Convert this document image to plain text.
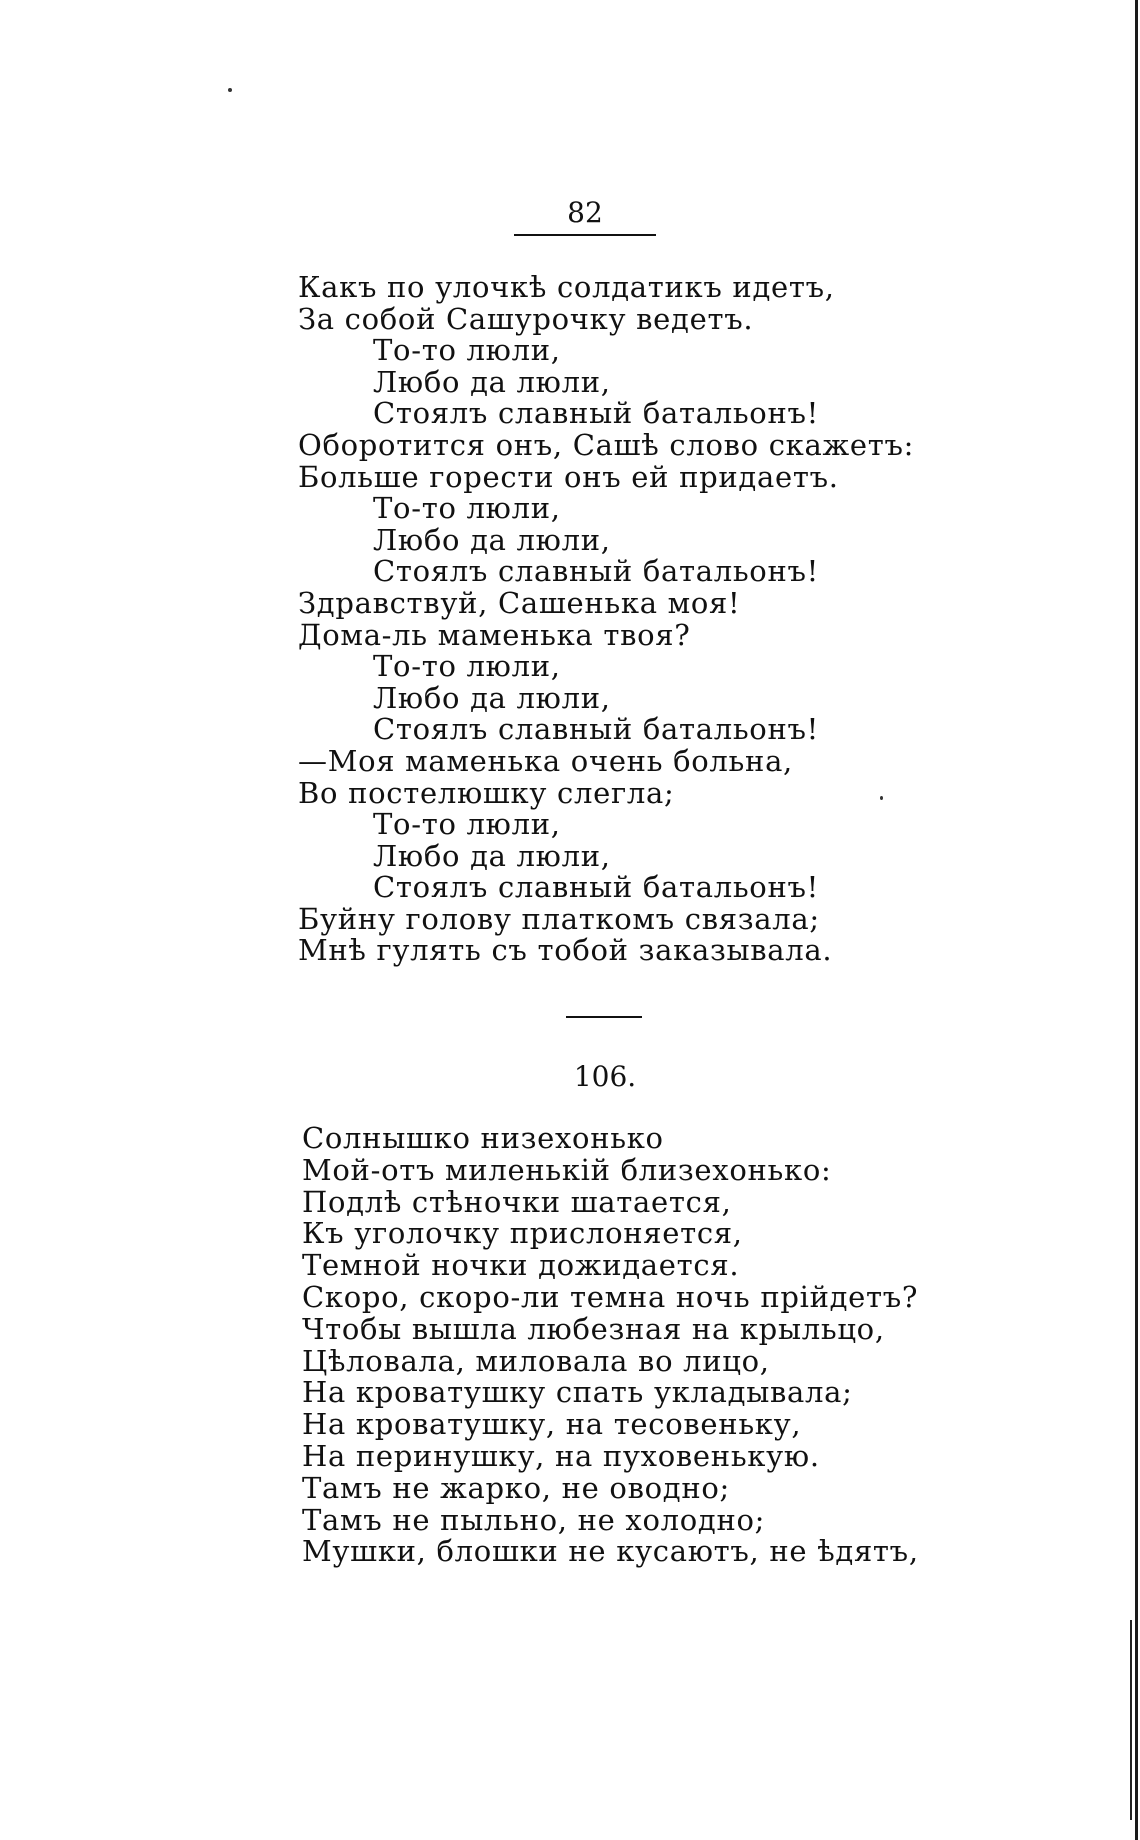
82
Какъ по улочкѣ солдатикъ идетъ,
За собой Сашурочку ведетъ.
То-то люли,
Любо да люли,
Стоялъ славный батальонъ!
Оборотится онъ, Сашѣ слово скажетъ:
Больше горести онъ ей придаетъ.
То-то люли,
Любо да люли,
Стоялъ славный батальонъ!
Здравствуй, Сашенька моя!
Дома-ль маменька твоя?
То-то люли,
Любо да люли,
Стоялъ славный батальонъ!
—Моя маменька очень больна,
Во постелюшку слегла;
То-то люли,
Любо да люли,
Стоялъ славный батальонъ!
Буйну голову платкомъ связала;
Мнѣ гулять съ тобой заказывала.
106.
Солнышко низехонько
Мой-отъ миленькій близехонько:
Подлѣ стѣночки шатается,
Къ уголочку прислоняется,
Темной ночки дожидается.
Скоро, скоро-ли темна ночь прійдетъ?
Чтобы вышла любезная на крыльцо,
Цѣловала, миловала во лицо,
На кроватушку спать укладывала;
На кроватушку, на тесовеньку,
На перинушку, на пуховенькую.
Тамъ не жарко, не оводно;
Тамъ не пыльно, не холодно;
Мушки, блошки не кусаютъ, не ѣдятъ,
